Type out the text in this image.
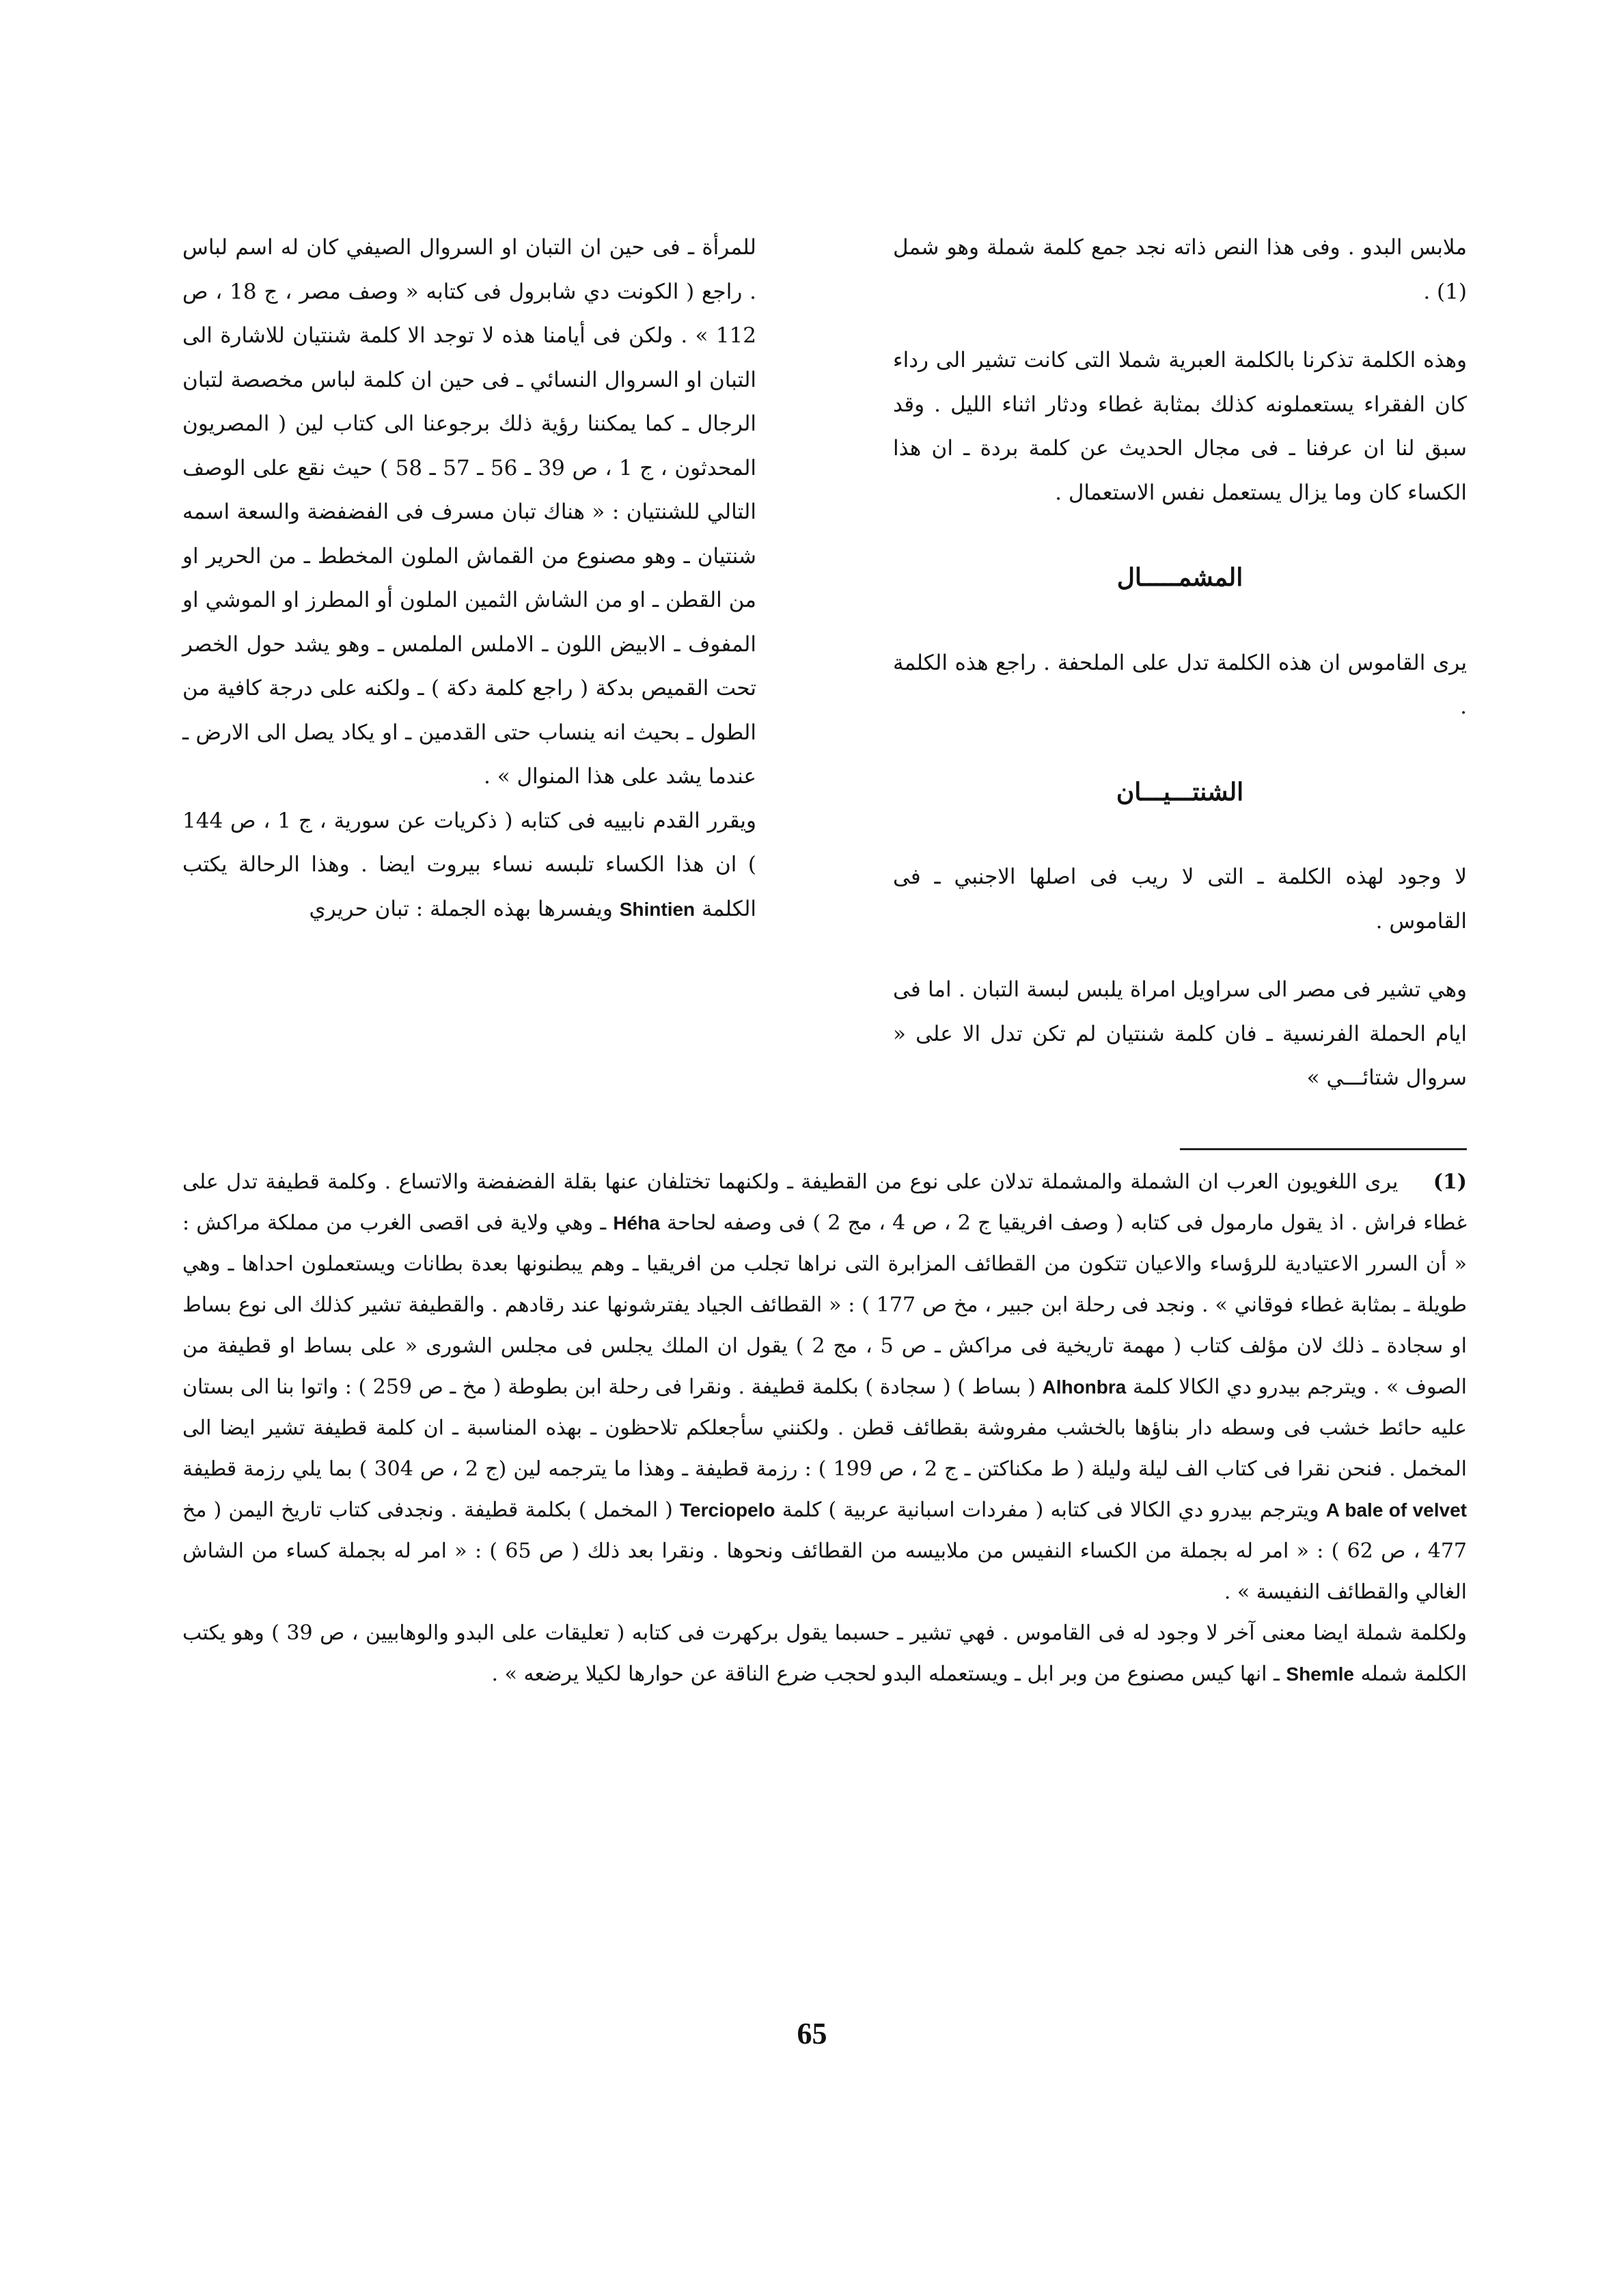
ملابس البدو . وفى هذا النص ذاته نجد جمع كلمة شملة وهو شمل (1) .

وهذه الكلمة تذكرنا بالكلمة العبرية شملا التى كانت تشير الى رداء كان الفقراء يستعملونه كذلك بمثابة غطاء ودثار اثناء الليل . وقد سبق لنا ان عرفنا ـ فى مجال الحديث عن كلمة بردة ـ ان هذا الكساء كان وما يزال يستعمل نفس الاستعمال .

المشمـــــال

يرى القاموس ان هذه الكلمة تدل على الملحفة . راجع هذه الكلمة .

الشنتـــيـــان

لا وجود لهذه الكلمة ـ التى لا ريب فى اصلها الاجنبي ـ فى القاموس .

وهي تشير فى مصر الى سراويل امراة يلبس لبسة التبان . اما فى ايام الحملة الفرنسية ـ فان كلمة شنتيان لم تكن تدل الا على « سروال شتائـــي »

للمرأة ـ فى حين ان التبان او السروال الصيفي كان له اسم لباس . راجع ( الكونت دي شابرول فى كتابه « وصف مصر ، ج 18 ، ص 112 » . ولكن فى أيامنا هذه لا توجد الا كلمة شنتيان للاشارة الى التبان او السروال النسائي ـ فى حين ان كلمة لباس مخصصة لتبان الرجال ـ كما يمكننا رؤية ذلك برجوعنا الى كتاب لين ( المصريون المحدثون ، ج 1 ، ص 39 ـ 56 ـ 57 ـ 58 ) حيث نقع على الوصف التالي للشنتيان : « هناك تبان مسرف فى الفضفضة والسعة اسمه شنتيان ـ وهو مصنوع من القماش الملون المخطط ـ من الحرير او من القطن ـ او من الشاش الثمين الملون أو المطرز او الموشي او المفوف ـ الابيض اللون ـ الاملس الملمس ـ وهو يشد حول الخصر تحت القميص بدكة ( راجع كلمة دكة ) ـ ولكنه على درجة كافية من الطول ـ بحيث انه ينساب حتى القدمين ـ او يكاد يصل الى الارض ـ عندما يشد على هذا المنوال » .

ويقرر القدم نابييه فى كتابه ( ذكريات عن سورية ، ج 1 ، ص 144 ) ان هذا الكساء تلبسه نساء بيروت ايضا . وهذا الرحالة يكتب الكلمة Shintien ويفسرها بهذه الجملة : تبان حريري

(1) يرى اللغويون العرب ان الشملة والمشملة تدلان على نوع من القطيفة ـ ولكنهما تختلفان عنها بقلة الفضفضة والاتساع . وكلمة قطيفة تدل على غطاء فراش . اذ يقول مارمول فى كتابه ( وصف افريقيا ج 2 ، ص 4 ، مج 2 ) فى وصفه لحاحة Héha ـ وهي ولاية فى اقصى الغرب من مملكة مراكش : « أن السرر الاعتيادية للرؤساء والاعيان تتكون من القطائف المزابرة التى نراها تجلب من افريقيا ـ وهم يبطنونها بعدة بطانات ويستعملون احداها ـ وهي طويلة ـ بمثابة غطاء فوقاني » . ونجد فى رحلة ابن جبير ، مخ ص 177 ) : « القطائف الجياد يفترشونها عند رقادهم . والقطيفة تشير كذلك الى نوع بساط او سجادة ـ ذلك لان مؤلف كتاب ( مهمة تاريخية فى مراكش ـ ص 5 ، مج 2 ) يقول ان الملك يجلس فى مجلس الشورى « على بساط او قطيفة من الصوف » . ويترجم بيدرو دي الكالا كلمة Alhonbra ( بساط ) ( سجادة ) بكلمة قطيفة . ونقرا فى رحلة ابن بطوطة ( مخ ـ ص 259 ) : واتوا بنا الى بستان عليه حائط خشب فى وسطه دار بناؤها بالخشب مفروشة بقطائف قطن . ولكنني سأجعلكم تلاحظون ـ بهذه المناسبة ـ ان كلمة قطيفة تشير ايضا الى المخمل . فنحن نقرا فى كتاب الف ليلة وليلة ( ط مكناكتن ـ ج 2 ، ص 199 ) : رزمة قطيفة ـ وهذا ما يترجمه لين (ج 2 ، ص 304 ) بما يلي رزمة قطيفة A bale of velvet ويترجم بيدرو دي الكالا فى كتابه ( مفردات اسبانية عربية ) كلمة Terciopelo ( المخمل ) بكلمة قطيفة . ونجدفى كتاب تاريخ اليمن ( مخ 477 ، ص 62 ) : « امر له بجملة من الكساء النفيس من ملابيسه من القطائف ونحوها . ونقرا بعد ذلك ( ص 65 ) : « امر له بجملة كساء من الشاش الغالي والقطائف النفيسة » .

ولكلمة شملة ايضا معنى آخر لا وجود له فى القاموس . فهي تشير ـ حسبما يقول بركهرت فى كتابه ( تعليقات على البدو والوهابيين ، ص 39 ) وهو يكتب الكلمة شمله Shemle ـ انها كيس مصنوع من وبر ابل ـ ويستعمله البدو لحجب ضرع الناقة عن حوارها لكيلا يرضعه » .

65
